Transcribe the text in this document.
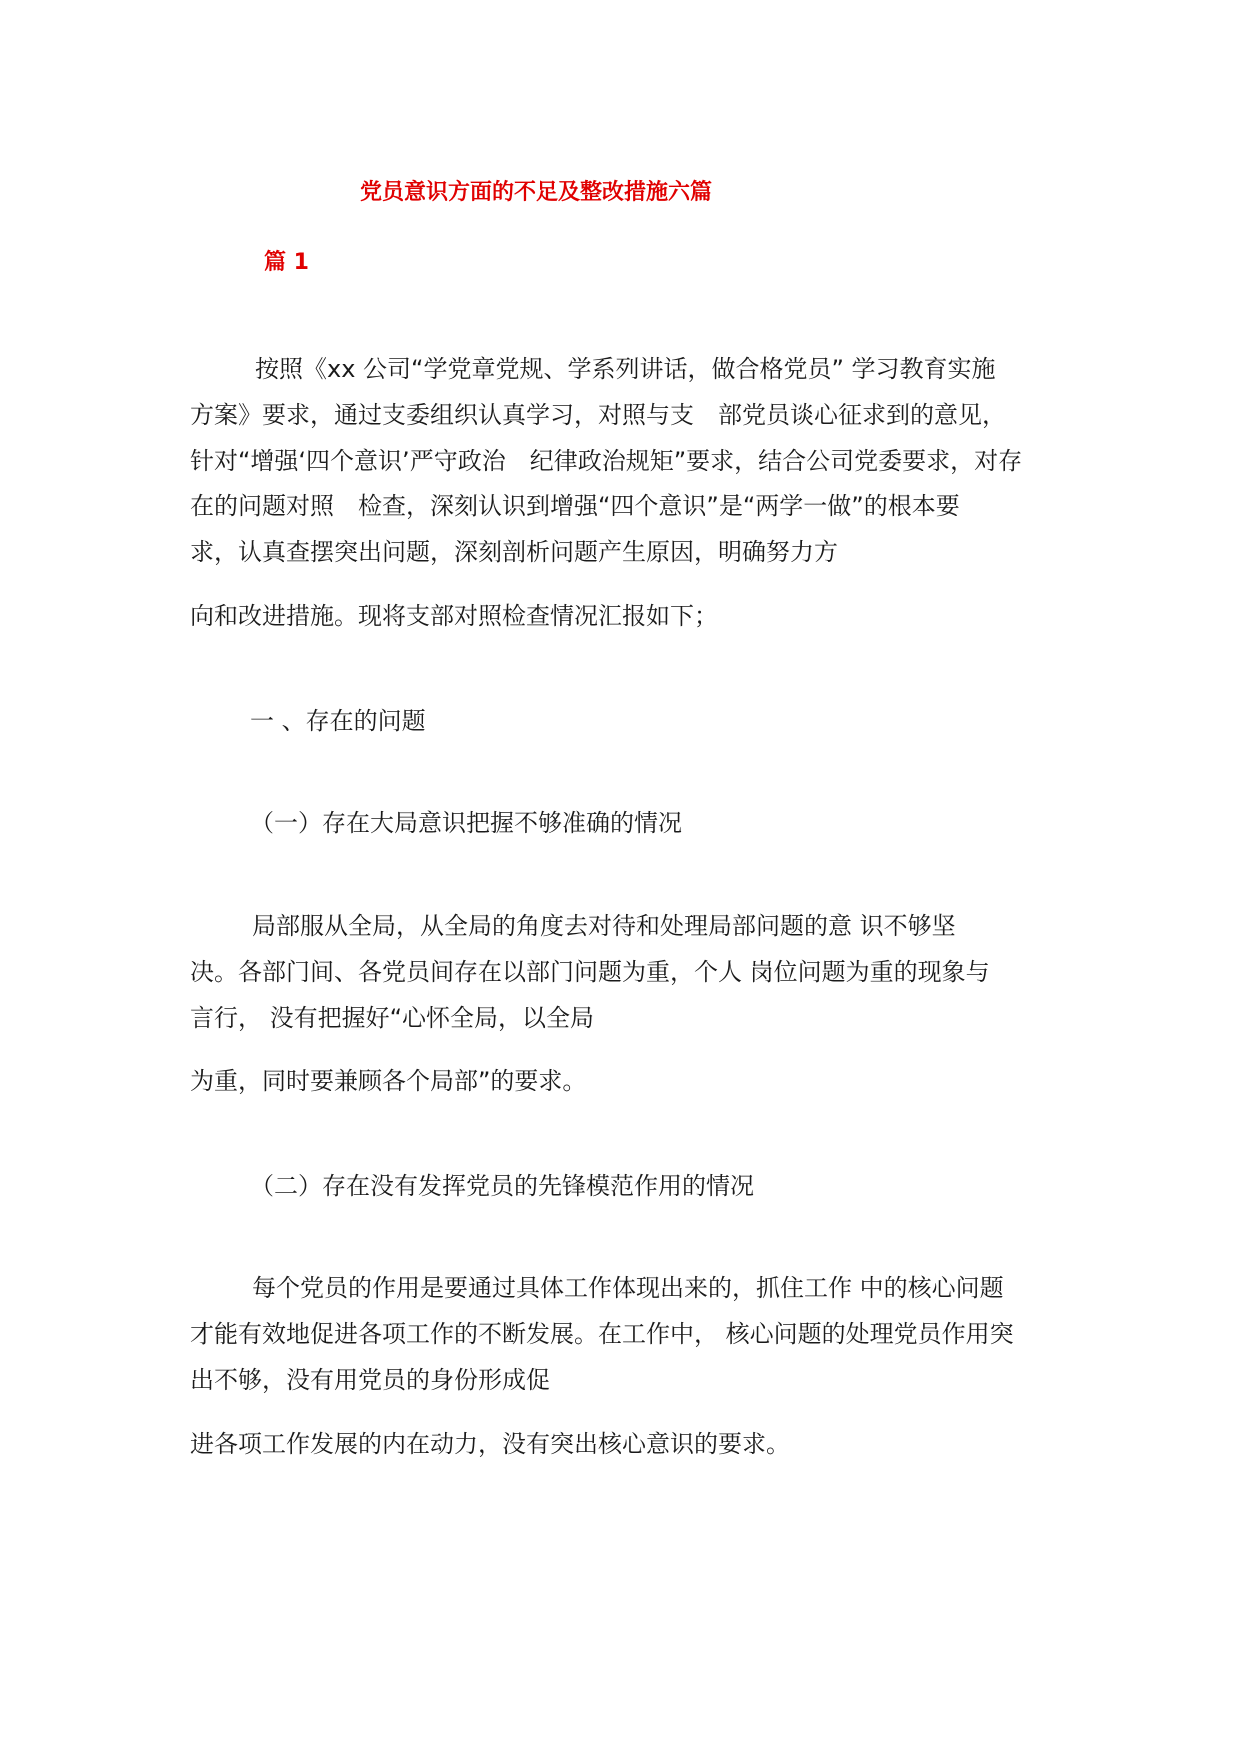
党员意识方面的不足及整改措施六篇
篇 1
按照《xx 公司“学党章党规、学系列讲话，做合格党员” 学习教育实施
方案》要求，通过支委组织认真学习，对照与支　部党员谈心征求到的意见，
针对“增强‘四个意识’严守政治　纪律政治规矩”要求，结合公司党委要求，对存
在的问题对照　检查，深刻认识到增强“四个意识”是“两学一做”的根本要
求，认真查摆突出问题，深刻剖析问题产生原因，明确努力方
向和改进措施。现将支部对照检查情况汇报如下；
一 、存在的问题
（一）存在大局意识把握不够准确的情况
局部服从全局，从全局的角度去对待和处理局部问题的意 识不够坚
决。各部门间、各党员间存在以部门问题为重，个人 岗位问题为重的现象与
言行， 没有把握好“心怀全局，以全局
为重，同时要兼顾各个局部”的要求。
（二）存在没有发挥党员的先锋模范作用的情况
每个党员的作用是要通过具体工作体现出来的，抓住工作 中的核心问题
才能有效地促进各项工作的不断发展。在工作中， 核心问题的处理党员作用突
出不够，没有用党员的身份形成促
进各项工作发展的内在动力，没有突出核心意识的要求。
